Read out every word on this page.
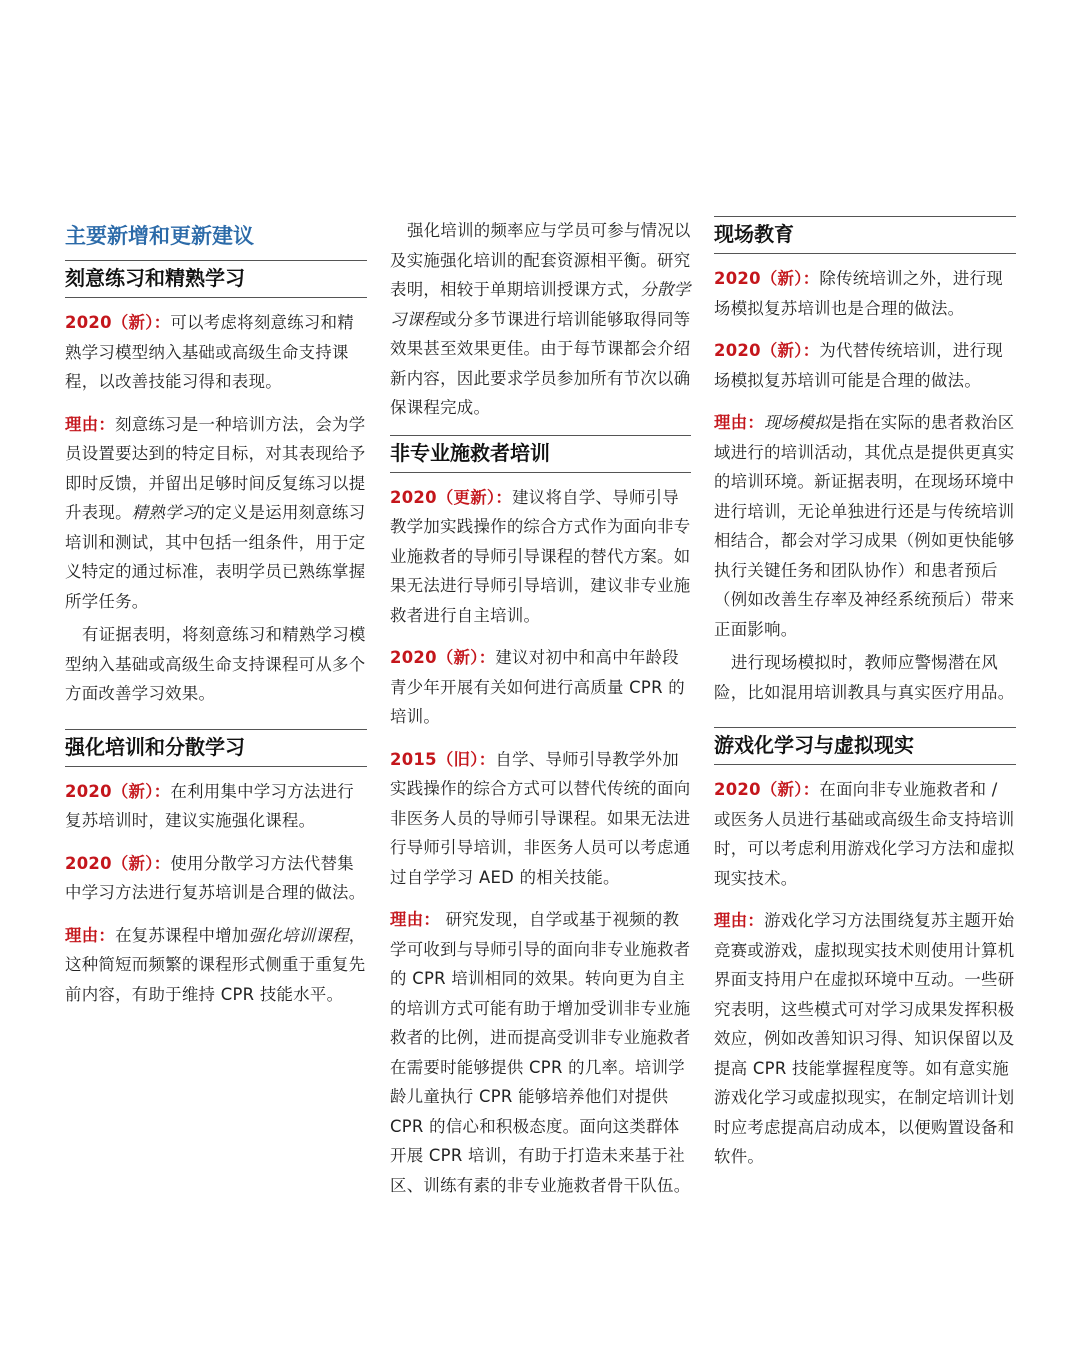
主要新增和更新建议
刻意练习和精熟学习

2020（新）：可以考虑将刻意练习和精熟学习模型纳入基础或高级生命支持课程，以改善技能习得和表现。

理由：刻意练习是一种培训方法，会为学员设置要达到的特定目标，对其表现给予即时反馈，并留出足够时间反复练习以提升表现。精熟学习的定义是运用刻意练习培训和测试，其中包括一组条件，用于定义特定的通过标准，表明学员已熟练掌握所学任务。

有证据表明，将刻意练习和精熟学习模型纳入基础或高级生命支持课程可从多个方面改善学习效果。

强化培训和分散学习

2020（新）：在利用集中学习方法进行复苏培训时，建议实施强化课程。

2020（新）：使用分散学习方法代替集中学习方法进行复苏培训是合理的做法。

理由：在复苏课程中增加强化培训课程，这种简短而频繁的课程形式侧重于重复先前内容，有助于维持 CPR 技能水平。

强化培训的频率应与学员可参与情况以及实施强化培训的配套资源相平衡。研究表明，相较于单期培训授课方式，分散学习课程或分多节课进行培训能够取得同等效果甚至效果更佳。由于每节课都会介绍新内容，因此要求学员参加所有节次以确保课程完成。

非专业施救者培训

2020（更新）：建议将自学、导师引导教学加实践操作的综合方式作为面向非专业施救者的导师引导课程的替代方案。如果无法进行导师引导培训，建议非专业施救者进行自主培训。

2020（新）：建议对初中和高中年龄段青少年开展有关如何进行高质量 CPR 的培训。

2015（旧）：自学、导师引导教学外加实践操作的综合方式可以替代传统的面向非医务人员的导师引导课程。如果无法进行导师引导培训，非医务人员可以考虑通过自学学习 AED 的相关技能。

理由： 研究发现，自学或基于视频的教学可收到与导师引导的面向非专业施救者的 CPR 培训相同的效果。转向更为自主的培训方式可能有助于增加受训非专业施救者的比例，进而提高受训非专业施救者在需要时能够提供 CPR 的几率。培训学龄儿童执行 CPR 能够培养他们对提供 CPR 的信心和积极态度。面向这类群体开展 CPR 培训，有助于打造未来基于社区、训练有素的非专业施救者骨干队伍。

现场教育

2020（新）：除传统培训之外，进行现场模拟复苏培训也是合理的做法。

2020（新）：为代替传统培训，进行现场模拟复苏培训可能是合理的做法。

理由：现场模拟是指在实际的患者救治区域进行的培训活动，其优点是提供更真实的培训环境。新证据表明，在现场环境中进行培训，无论单独进行还是与传统培训相结合，都会对学习成果（例如更快能够执行关键任务和团队协作）和患者预后（例如改善生存率及神经系统预后）带来正面影响。

进行现场模拟时，教师应警惕潜在风险，比如混用培训教具与真实医疗用品。

游戏化学习与虚拟现实

2020（新）：在面向非专业施救者和 / 或医务人员进行基础或高级生命支持培训时，可以考虑利用游戏化学习方法和虚拟现实技术。

理由：游戏化学习方法围绕复苏主题开始竞赛或游戏，虚拟现实技术则使用计算机界面支持用户在虚拟环境中互动。一些研究表明，这些模式可对学习成果发挥积极效应，例如改善知识习得、知识保留以及提高 CPR 技能掌握程度等。如有意实施游戏化学习或虚拟现实，在制定培训计划时应考虑提高启动成本，以便购置设备和软件。
